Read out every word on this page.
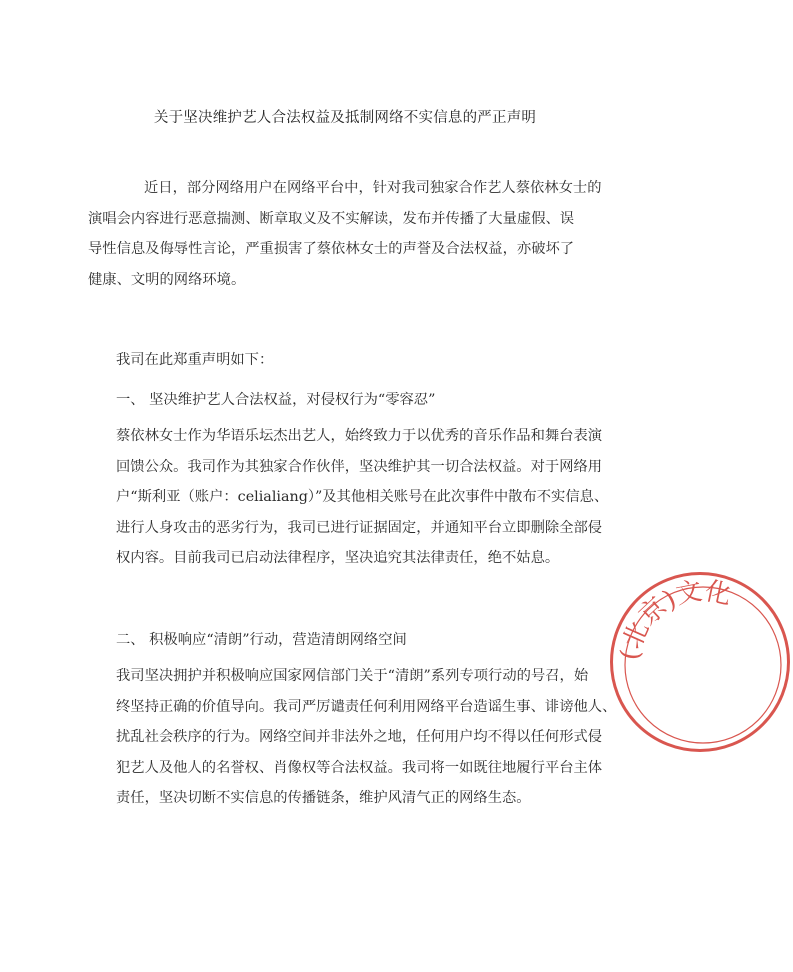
关于坚决维护艺人合法权益及抵制网络不实信息的严正声明
近日，部分网络用户在网络平台中，针对我司独家合作艺人蔡依林女士的
演唱会内容进行恶意揣测、断章取义及不实解读，发布并传播了大量虚假、误
导性信息及侮辱性言论，严重损害了蔡依林女士的声誉及合法权益，亦破坏了
健康、文明的网络环境。
我司在此郑重声明如下：
一、 坚决维护艺人合法权益，对侵权行为“零容忍”
蔡依林女士作为华语乐坛杰出艺人，始终致力于以优秀的音乐作品和舞台表演
回馈公众。我司作为其独家合作伙伴，坚决维护其一切合法权益。对于网络用
户“斯利亚（账户：celialiang）”及其他相关账号在此次事件中散布不实信息、
进行人身攻击的恶劣行为，我司已进行证据固定，并通知平台立即删除全部侵
权内容。目前我司已启动法律程序，坚决追究其法律责任，绝不姑息。
二、 积极响应“清朗”行动，营造清朗网络空间
我司坚决拥护并积极响应国家网信部门关于“清朗”系列专项行动的号召，始
终坚持正确的价值导向。我司严厉谴责任何利用网络平台造谣生事、诽谤他人、
扰乱社会秩序的行为。网络空间并非法外之地，任何用户均不得以任何形式侵
犯艺人及他人的名誉权、肖像权等合法权益。我司将一如既往地履行平台主体
责任，坚决切断不实信息的传播链条，维护风清气正的网络生态。
(北京)文化
